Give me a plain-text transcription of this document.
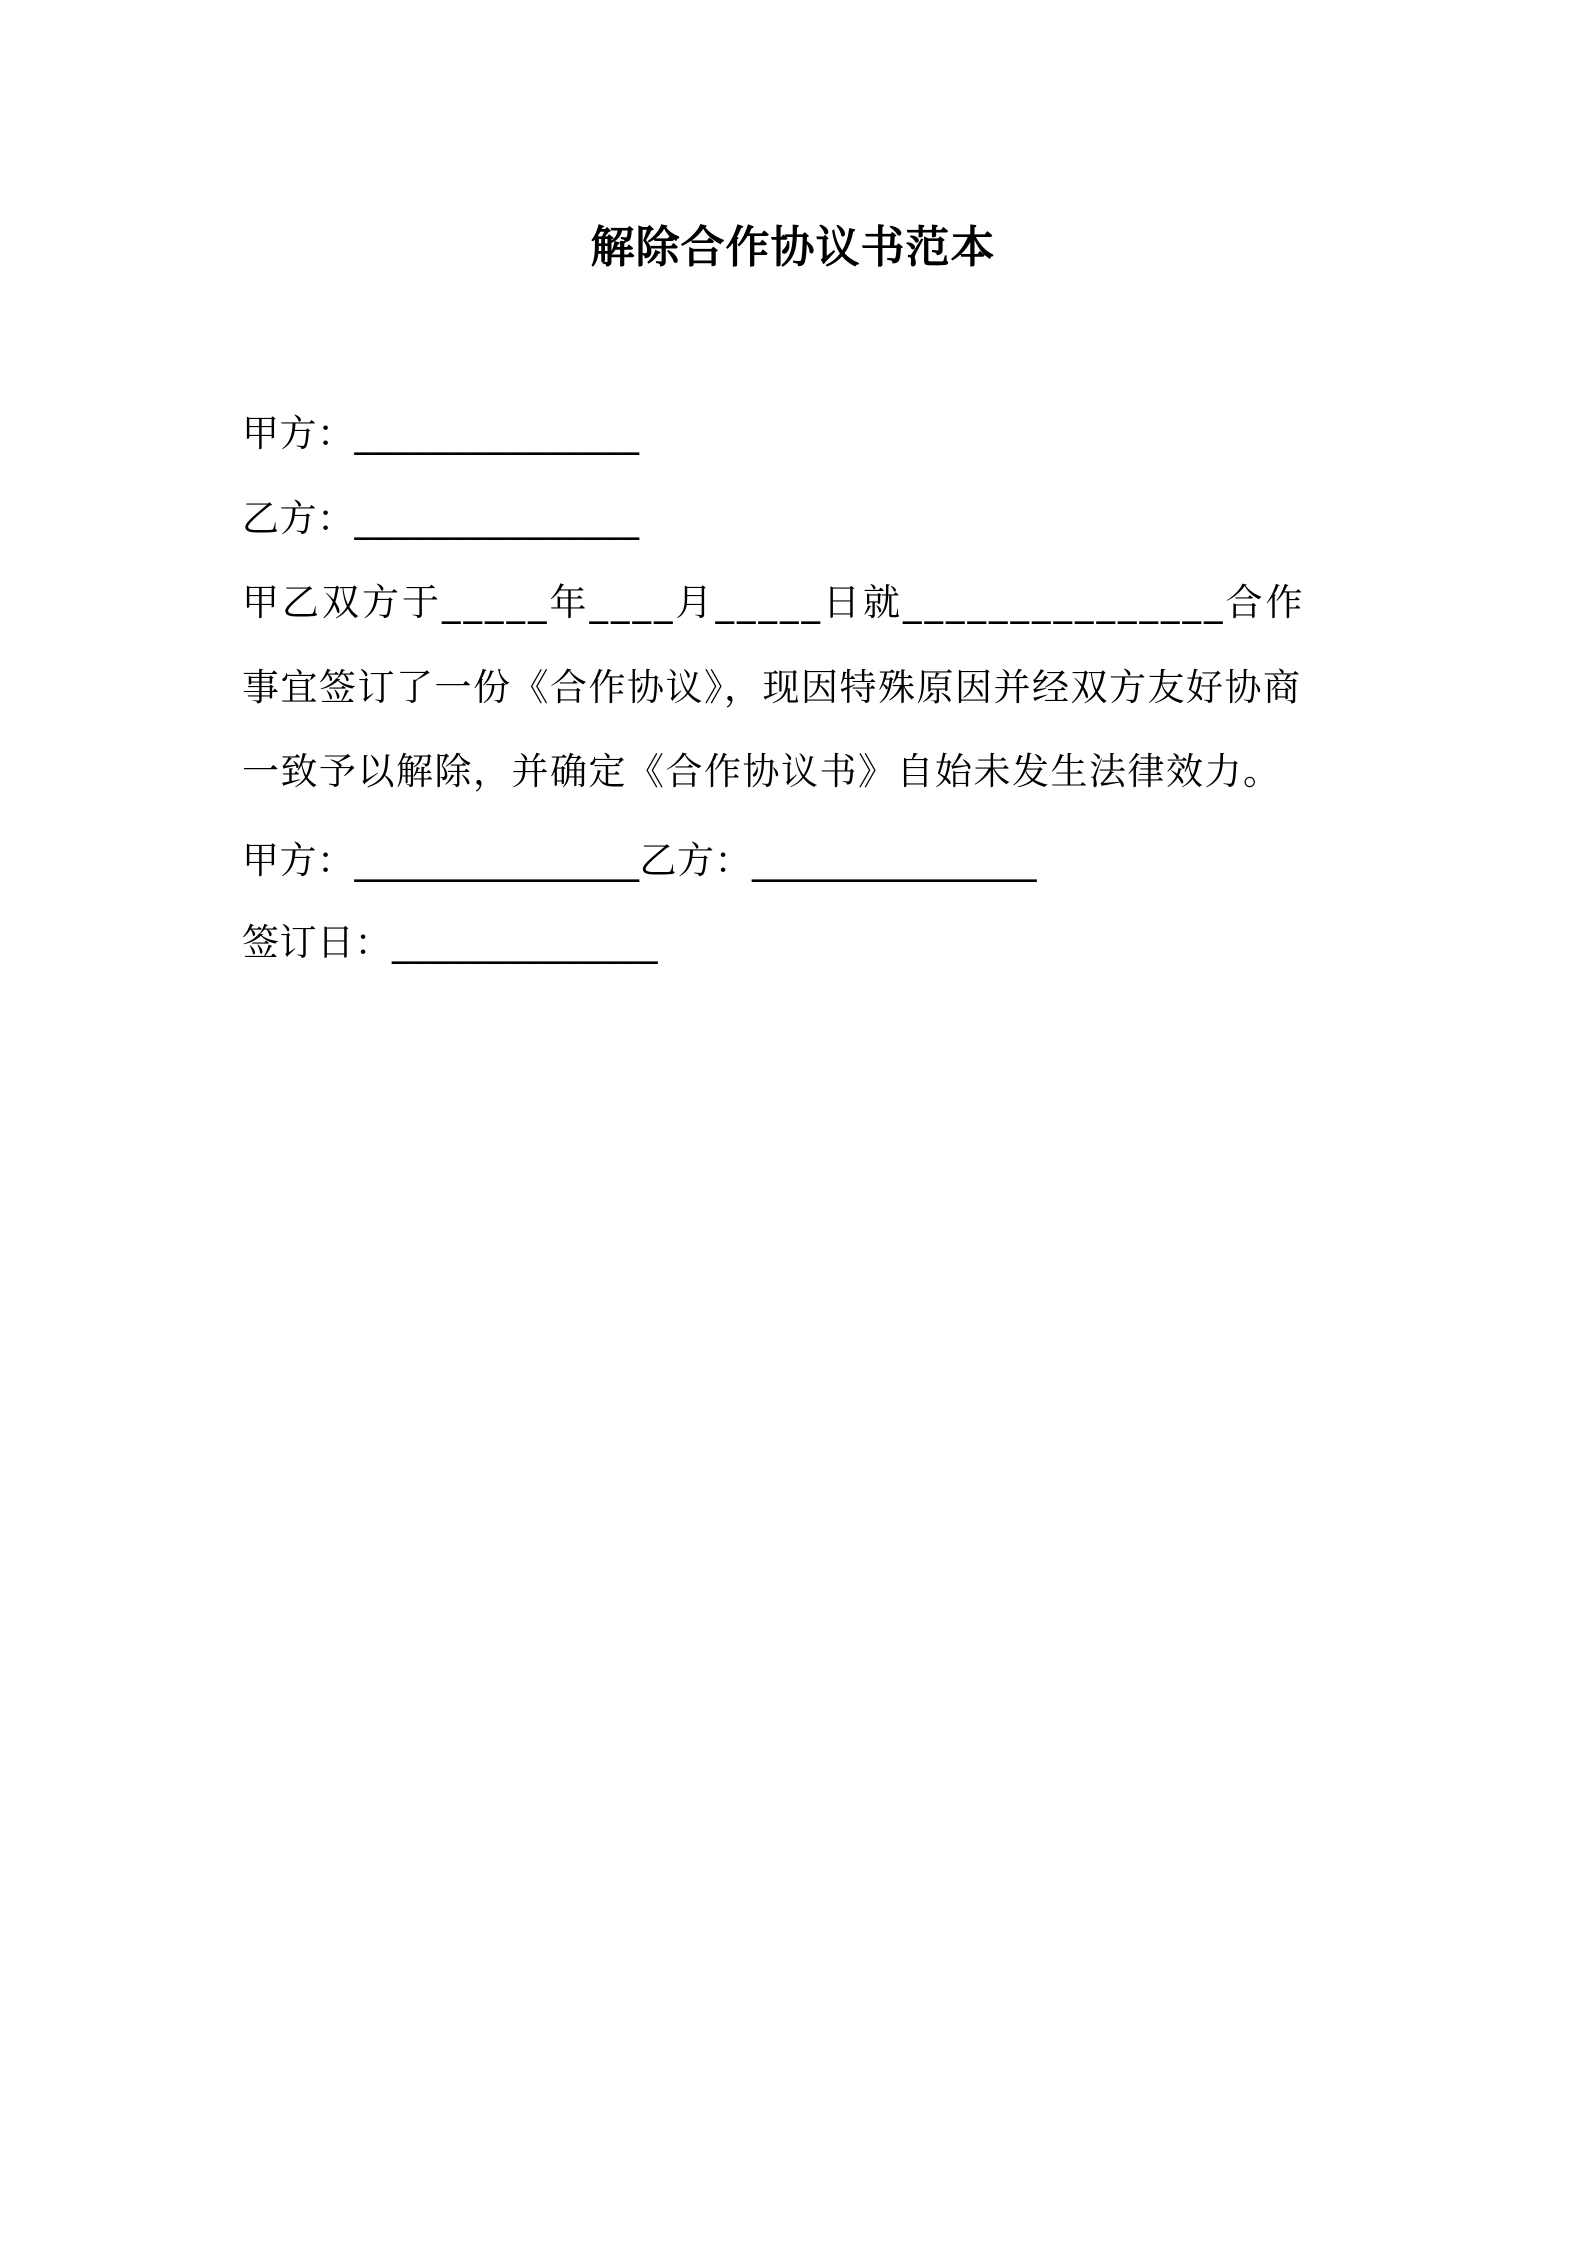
解除合作协议书范本
甲方：_______________
乙方：_______________
甲乙双方于_____年____月_____日就_______________合作
事宜签订了一份《合作协议》，现因特殊原因并经双方友好协商
一致予以解除，并确定《合作协议书》自始未发生法律效力。
甲方：_______________乙方：_______________
签订日：______________
